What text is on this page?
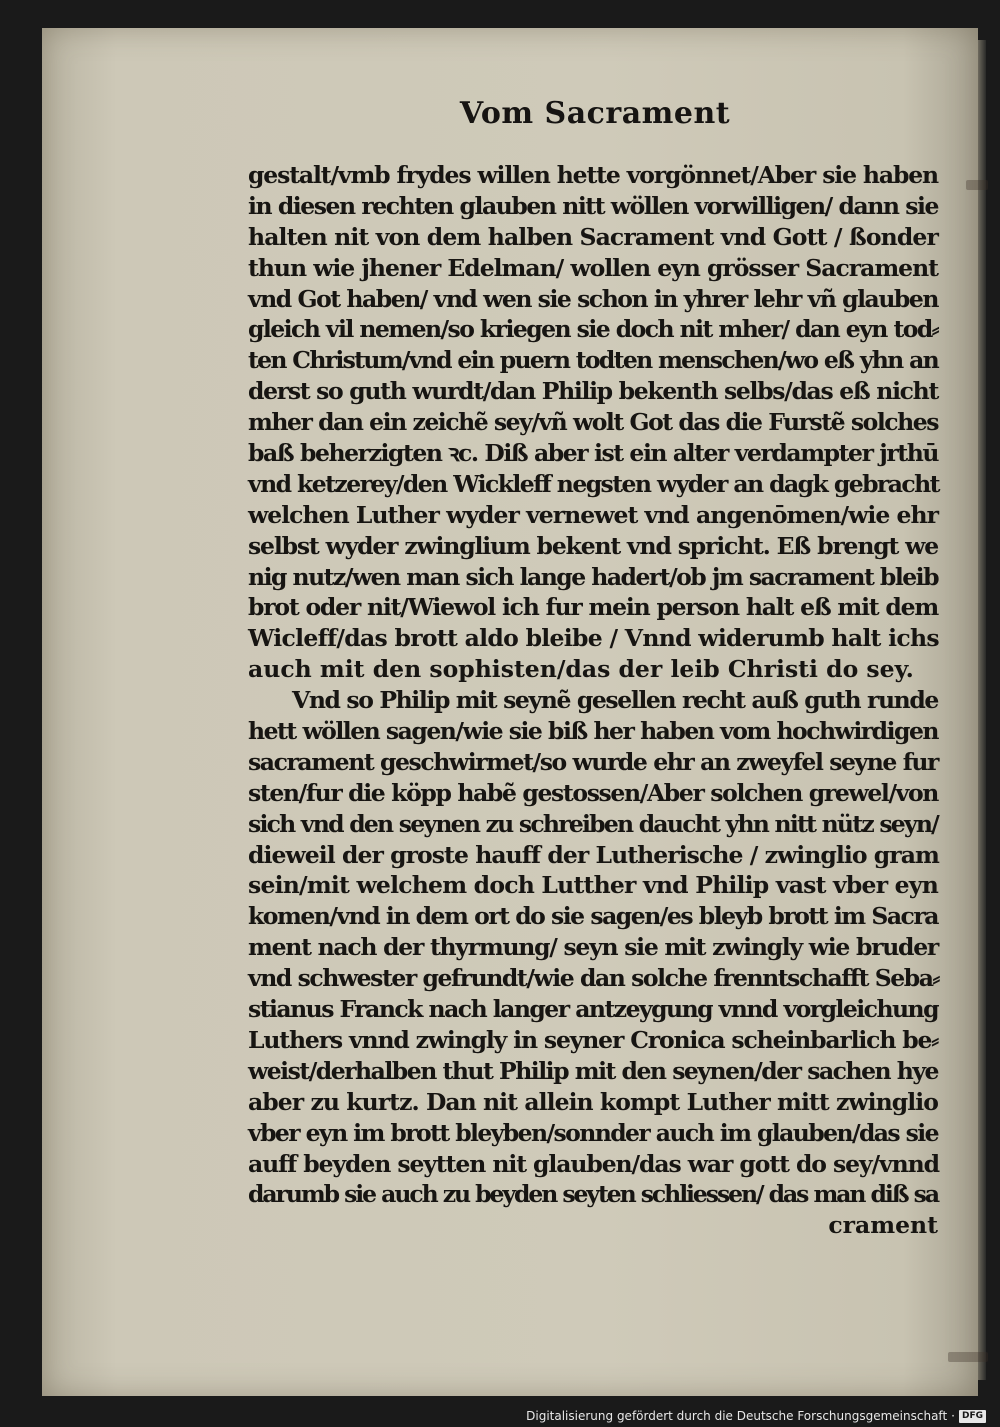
Vom Sacrament
gestalt/vmb frydes willen hette vorgönnet/Aber sie haben
in diesen rechten glauben nitt wöllen vorwilligen/ dann sie
halten nit von dem halben Sacrament vnd Gott / ßonder
thun wie jhener Edelman/ wollen eyn grösser Sacrament
vnd Got haben/ vnd wen sie schon in yhrer lehr vñ glauben
gleich vil nemen/so kriegen sie doch nit mher/ dan eyn tod⸗
ten Christum/vnd ein puern todten menschen/wo eß yhn an
derst so guth wurdt/dan Philip bekenth selbs/das eß nicht
mher dan ein zeichẽ sey/vñ wolt Got das die Furstẽ solches
baß beherzigten ꝛc. Diß aber ist ein alter verdampter jrthū
vnd ketzerey/den Wickleff negsten wyder an dagk gebracht
welchen Luther wyder vernewet vnd angenōmen/wie ehr
selbst wyder zwinglium bekent vnd spricht. Eß brengt we
nig nutz/wen man sich lange hadert/ob jm sacrament bleib
brot oder nit/Wiewol ich fur mein person halt eß mit dem
Wicleff/das brott aldo bleibe / Vnnd widerumb halt ichs
auch mit den sophisten/das der leib Christi do sey.
Vnd so Philip mit seynẽ gesellen recht auß guth runde
hett wöllen sagen/wie sie biß her haben vom hochwirdigen
sacrament geschwirmet/so wurde ehr an zweyfel seyne fur
sten/fur die köpp habẽ gestossen/Aber solchen grewel/von
sich vnd den seynen zu schreiben daucht yhn nitt nütz seyn/
dieweil der groste hauff der Lutherische / zwinglio gram
sein/mit welchem doch Lutther vnd Philip vast vber eyn
komen/vnd in dem ort do sie sagen/es bleyb brott im Sacra
ment nach der thyrmung/ seyn sie mit zwingly wie bruder
vnd schwester gefrundt/wie dan solche frenntschafft Seba⸗
stianus Franck nach langer antzeygung vnnd vorgleichung
Luthers vnnd zwingly in seyner Cronica scheinbarlich be⸗
weist/derhalben thut Philip mit den seynen/der sachen hye
aber zu kurtz. Dan nit allein kompt Luther mitt zwinglio
vber eyn im brott bleyben/sonnder auch im glauben/das sie
auff beyden seytten nit glauben/das war gott do sey/vnnd
darumb sie auch zu beyden seyten schliessen/ das man diß sa
crament
Digitalisierung gefördert durch die Deutsche Forschungsgemeinschaft · DFG
